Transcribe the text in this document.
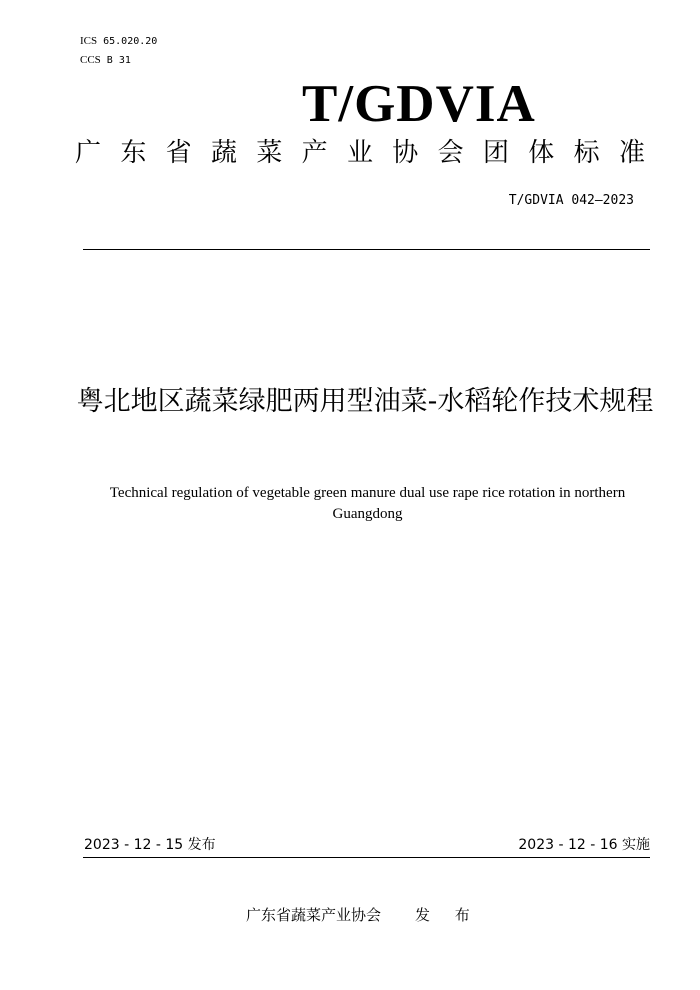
ICS 65.020.20
CCS B 31
T/GDVIA
广 东 省 蔬 菜 产 业 协 会 团 体 标 准
T/GDVIA 042—2023
粤北地区蔬菜绿肥两用型油菜-水稻轮作技术规程
Technical regulation of vegetable green manure dual use rape rice rotation in northern Guangdong
2023 - 12 - 15 发布	2023 - 12 - 16 实施
广东省蔬菜产业协会 发 布
